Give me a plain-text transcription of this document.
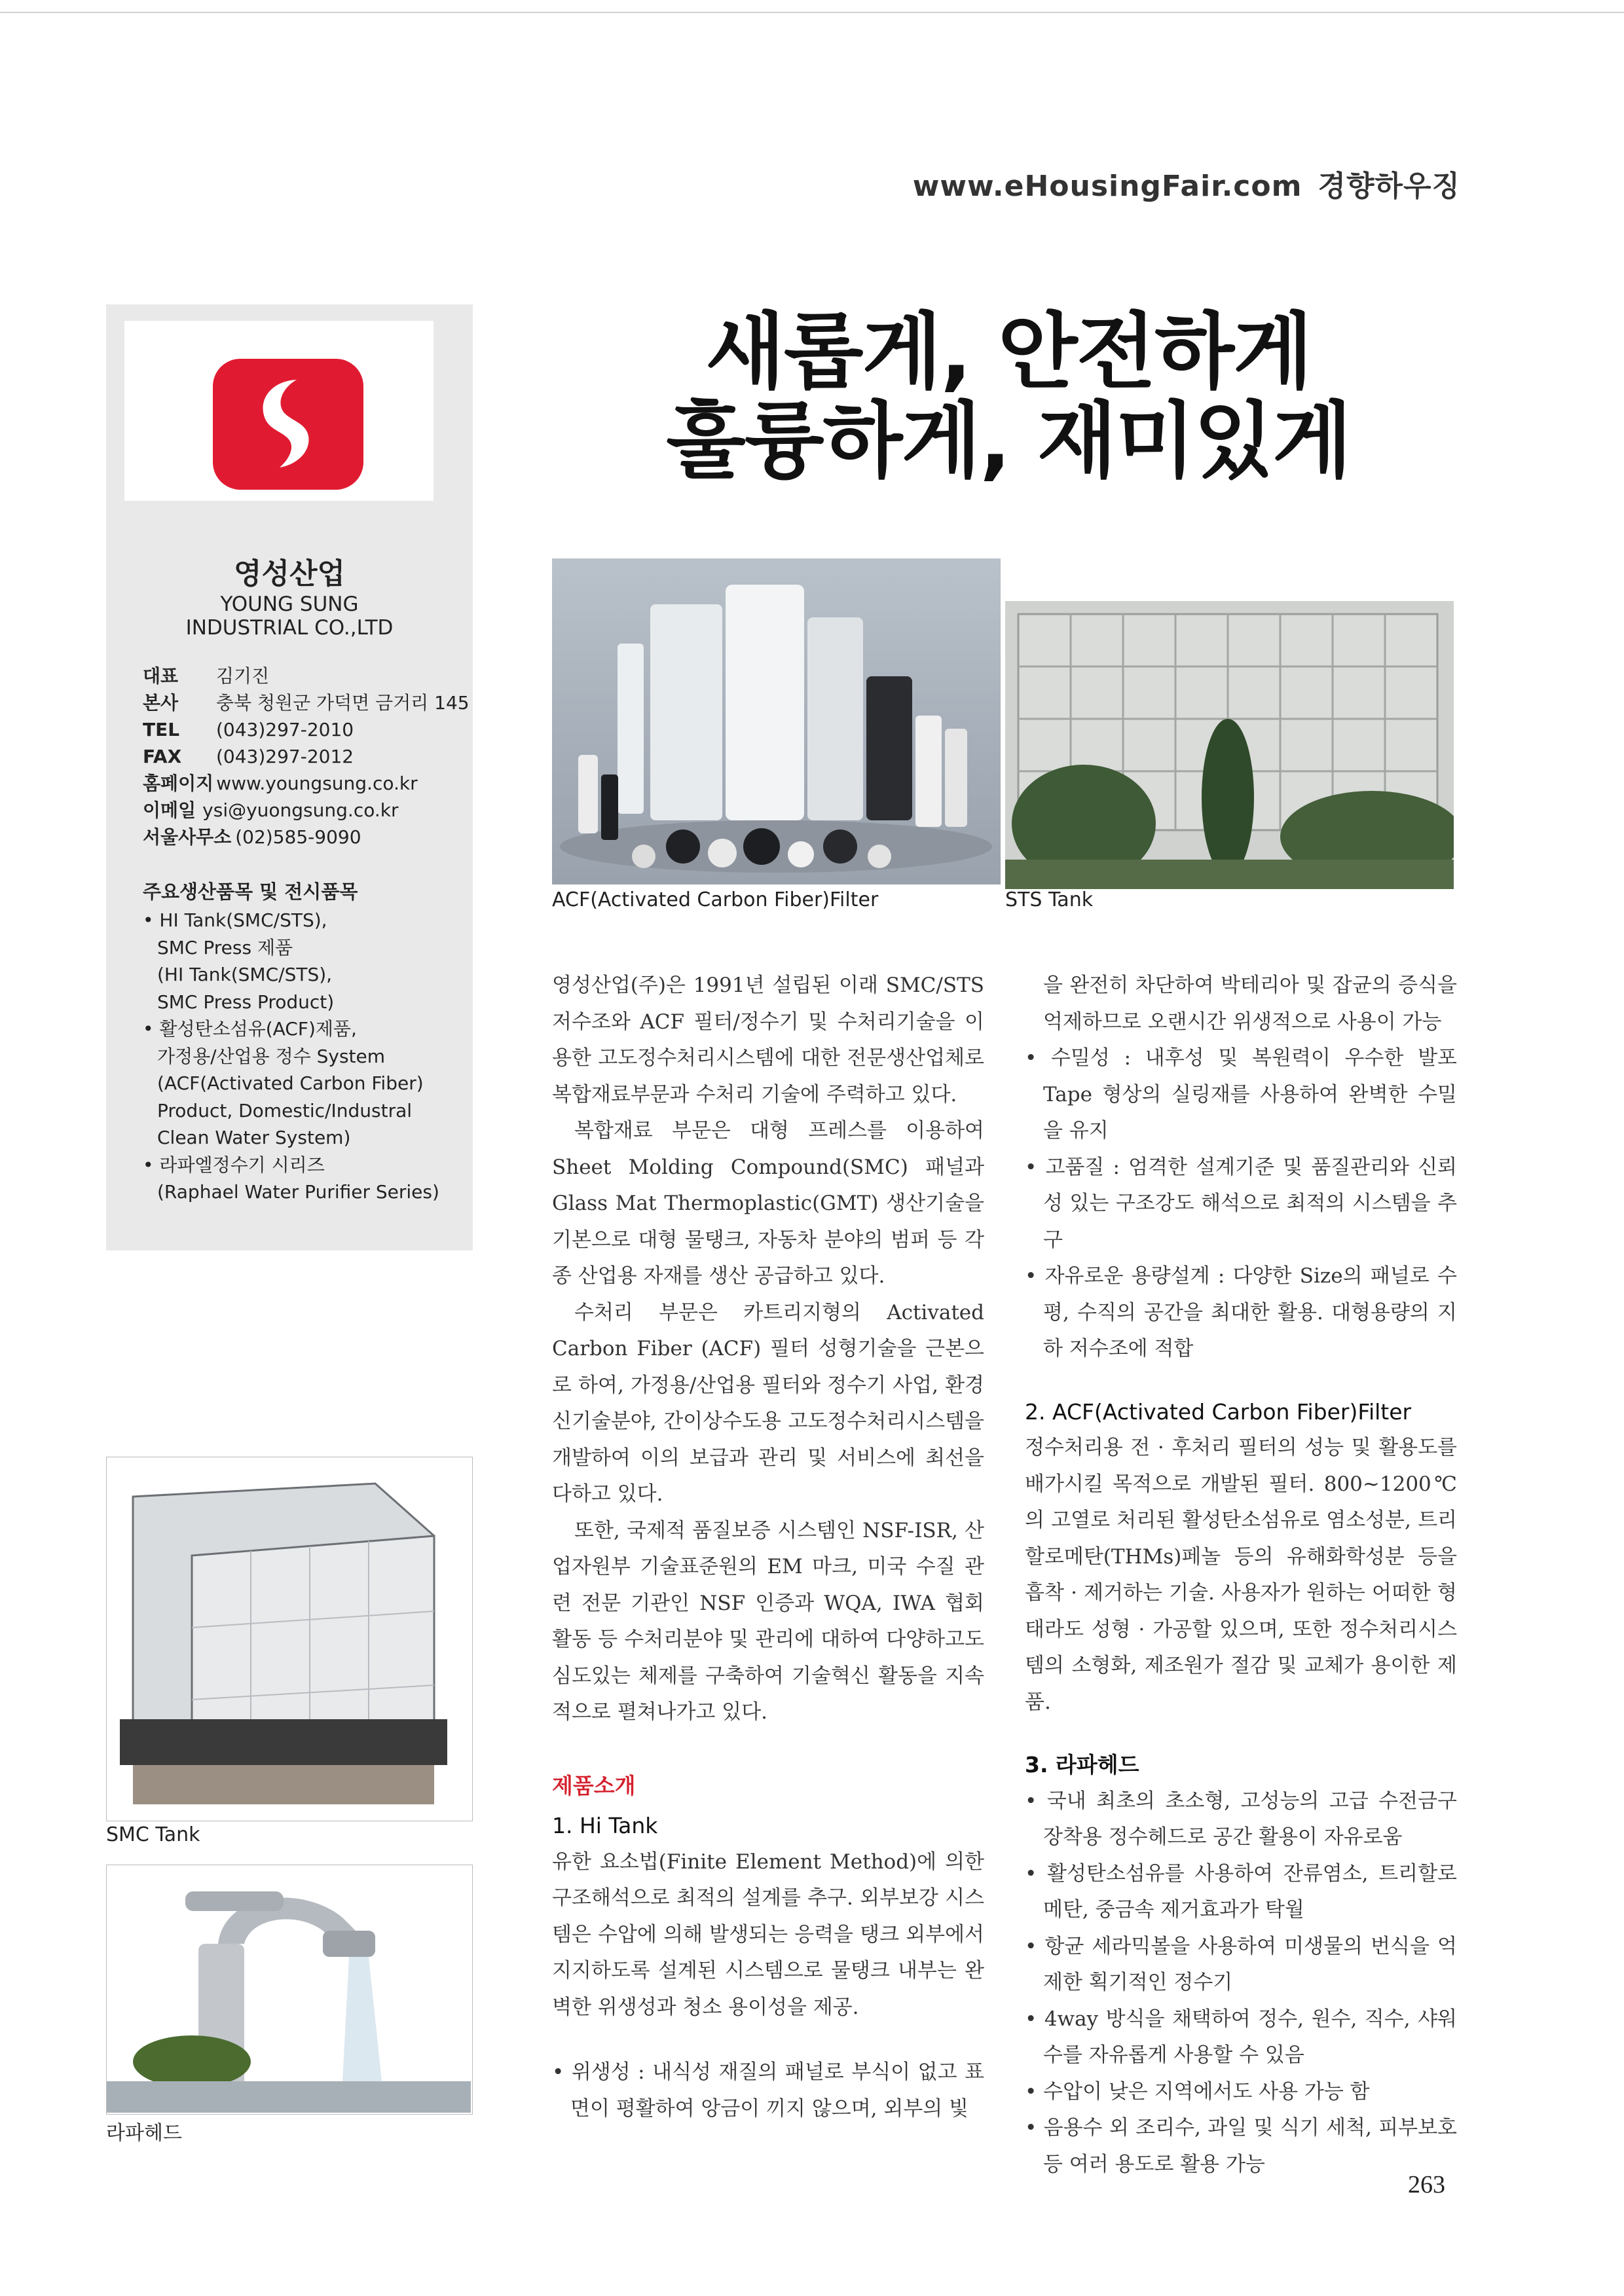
www.eHousingFair.com 경향하우징
영성산업
YOUNG SUNG
INDUSTRIAL CO.,LTD
대표 김기진
본사 충북 청원군 가덕면 금거리 145
TEL (043)297-2010
FAX (043)297-2012
홈페이지 www.youngsung.co.kr
이메일 ysi@yuongsung.co.kr
서울사무소 (02)585-9090
주요생산품목 및 전시품목
• HI Tank(SMC/STS),
SMC Press 제품
(HI Tank(SMC/STS),
SMC Press Product)
• 활성탄소섬유(ACF)제품,
가정용/산업용 정수 System
(ACF(Activated Carbon Fiber)
Product, Domestic/Industral
Clean Water System)
• 라파엘정수기 시리즈
(Raphael Water Purifier Series)
새롭게, 안전하게
훌륭하게, 재미있게
ACF(Activated Carbon Fiber)Filter	STS Tank
SMC Tank
라파헤드

영성산업(주)은 1991년 설립된 이래 SMC/STS 저수조와 ACF 필터/정수기 및 수처리기술을 이용한 고도정수처리시스템에 대한 전문생산업체로 복합재료부문과 수처리 기술에 주력하고 있다.

복합재료 부문은 대형 프레스를 이용하여 Sheet Molding Compound(SMC) 패널과 Glass Mat Thermoplastic(GMT) 생산기술을 기본으로 대형 물탱크, 자동차 분야의 범퍼 등 각종 산업용 자재를 생산 공급하고 있다.

수처리 부문은 카트리지형의 Activated Carbon Fiber (ACF) 필터 성형기술을 근본으로 하여, 가정용/산업용 필터와 정수기 사업, 환경신기술분야, 간이상수도용 고도정수처리시스템을 개발하여 이의 보급과 관리 및 서비스에 최선을 다하고 있다.

또한, 국제적 품질보증 시스템인 NSF-ISR, 산업자원부 기술표준원의 EM 마크, 미국 수질 관련 전문 기관인 NSF 인증과 WQA, IWA 협회 활동 등 수처리분야 및 관리에 대하여 다양하고도 심도있는 체제를 구축하여 기술혁신 활동을 지속적으로 펼쳐나가고 있다.

제품소개
1. Hi Tank

유한 요소법(Finite Element Method)에 의한 구조해석으로 최적의 설계를 추구. 외부보강 시스템은 수압에 의해 발생되는 응력을 탱크 외부에서 지지하도록 설계된 시스템으로 물탱크 내부는 완벽한 위생성과 청소 용이성을 제공.

• 위생성 : 내식성 재질의 패널로 부식이 없고 표면이 평활하여 앙금이 끼지 않으며, 외부의 빛

을 완전히 차단하여 박테리아 및 잡균의 증식을 억제하므로 오랜시간 위생적으로 사용이 가능

• 수밀성 : 내후성 및 복원력이 우수한 발포 Tape 형상의 실링재를 사용하여 완벽한 수밀을 유지
• 고품질 : 엄격한 설계기준 및 품질관리와 신뢰성 있는 구조강도 해석으로 최적의 시스템을 추구
• 자유로운 용량설계 : 다양한 Size의 패널로 수평, 수직의 공간을 최대한 활용. 대형용량의 지하 저수조에 적합
2. ACF(Activated Carbon Fiber)Filter

정수처리용 전 · 후처리 필터의 성능 및 활용도를 배가시킬 목적으로 개발된 필터. 800~1200℃의 고열로 처리된 활성탄소섬유로 염소성분, 트리할로메탄(THMs)페놀 등의 유해화학성분 등을 흡착 · 제거하는 기술. 사용자가 원하는 어떠한 형태라도 성형 · 가공할 있으며, 또한 정수처리시스템의 소형화, 제조원가 절감 및 교체가 용이한 제품.

3. 라파헤드
• 국내 최초의 초소형, 고성능의 고급 수전금구 장착용 정수헤드로 공간 활용이 자유로움
• 활성탄소섬유를 사용하여 잔류염소, 트리할로메탄, 중금속 제거효과가 탁월
• 항균 세라믹볼을 사용하여 미생물의 번식을 억제한 획기적인 정수기
• 4way 방식을 채택하여 정수, 원수, 직수, 샤워수를 자유롭게 사용할 수 있음
• 수압이 낮은 지역에서도 사용 가능 함
• 음용수 외 조리수, 과일 및 식기 세척, 피부보호 등 여러 용도로 활용 가능
263
